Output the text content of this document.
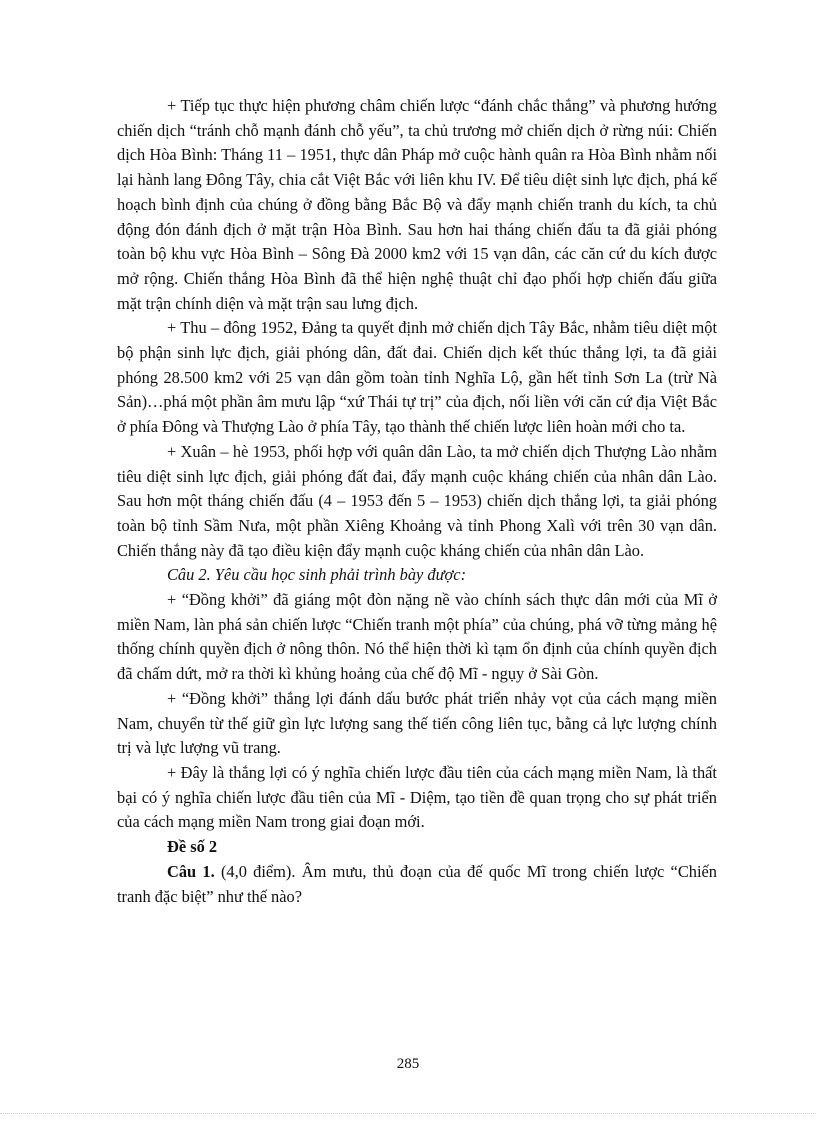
+ Tiếp tục thực hiện phương châm chiến lược “đánh chắc thắng” và phương hướng chiến dịch “tránh chỗ mạnh đánh chỗ yếu”, ta chủ trương mở chiến dịch ở rừng núi: Chiến dịch Hòa Bình: Tháng 11 – 1951, thực dân Pháp mở cuộc hành quân ra Hòa Bình nhằm nối lại hành lang Đông Tây, chia cắt Việt Bắc với liên khu IV. Để tiêu diệt sinh lực địch, phá kế hoạch bình định của chúng ở đồng bằng Bắc Bộ và đẩy mạnh chiến tranh du kích, ta chủ động đón đánh địch ở mặt trận Hòa Bình. Sau hơn hai tháng chiến đấu ta đã giải phóng toàn bộ khu vực Hòa Bình – Sông Đà 2000 km2 với 15 vạn dân, các căn cứ du kích được mở rộng. Chiến thắng Hòa Bình đã thể hiện nghệ thuật chỉ đạo phối hợp chiến đấu giữa mặt trận chính diện và mặt trận sau lưng địch.

+ Thu – đông 1952, Đảng ta quyết định mở chiến dịch Tây Bắc, nhằm tiêu diệt một bộ phận sinh lực địch, giải phóng dân, đất đai. Chiến dịch kết thúc thắng lợi, ta đã giải phóng 28.500 km2 với 25 vạn dân gồm toàn tỉnh Nghĩa Lộ, gần hết tỉnh Sơn La (trừ Nà Sản)…phá một phần âm mưu lập “xứ Thái tự trị” của địch, nối liền với căn cứ địa Việt Bắc ở phía Đông và Thượng Lào ở phía Tây, tạo thành thế chiến lược liên hoàn mới cho ta.

+ Xuân – hè 1953, phối hợp với quân dân Lào, ta mở chiến dịch Thượng Lào nhằm tiêu diệt sinh lực địch, giải phóng đất đai, đẩy mạnh cuộc kháng chiến của nhân dân Lào. Sau hơn một tháng chiến đấu (4 – 1953 đến 5 – 1953) chiến dịch thắng lợi, ta giải phóng toàn bộ tỉnh Sầm Nưa, một phần Xiêng Khoảng và tỉnh Phong Xalì với trên 30 vạn dân. Chiến thắng này đã tạo điều kiện đẩy mạnh cuộc kháng chiến của nhân dân Lào.

Câu 2. Yêu cầu học sinh phải trình bày được:

+ “Đồng khởi” đã giáng một đòn nặng nề vào chính sách thực dân mới của Mĩ ở miền Nam, làn phá sản chiến lược “Chiến tranh một phía” của chúng, phá vỡ từng mảng hệ thống chính quyền địch ở nông thôn. Nó thể hiện thời kì tạm ổn định của chính quyền địch đã chấm dứt, mở ra thời kì khủng hoảng của chế độ Mĩ - ngụy ở Sài Gòn.

+ “Đồng khởi” thắng lợi đánh dấu bước phát triển nhảy vọt của cách mạng miền Nam, chuyển từ thế giữ gìn lực lượng sang thế tiến công liên tục, bằng cả lực lượng chính trị và lực lượng vũ trang.

+ Đây là thắng lợi có ý nghĩa chiến lược đầu tiên của cách mạng miền Nam, là thất bại có ý nghĩa chiến lược đầu tiên của Mĩ - Diệm, tạo tiền đề quan trọng cho sự phát triển của cách mạng miền Nam trong giai đoạn mới.

Đề số 2

Câu 1. (4,0 điểm). Âm mưu, thủ đoạn của đế quốc Mĩ trong chiến lược “Chiến tranh đặc biệt” như thế nào?

285
